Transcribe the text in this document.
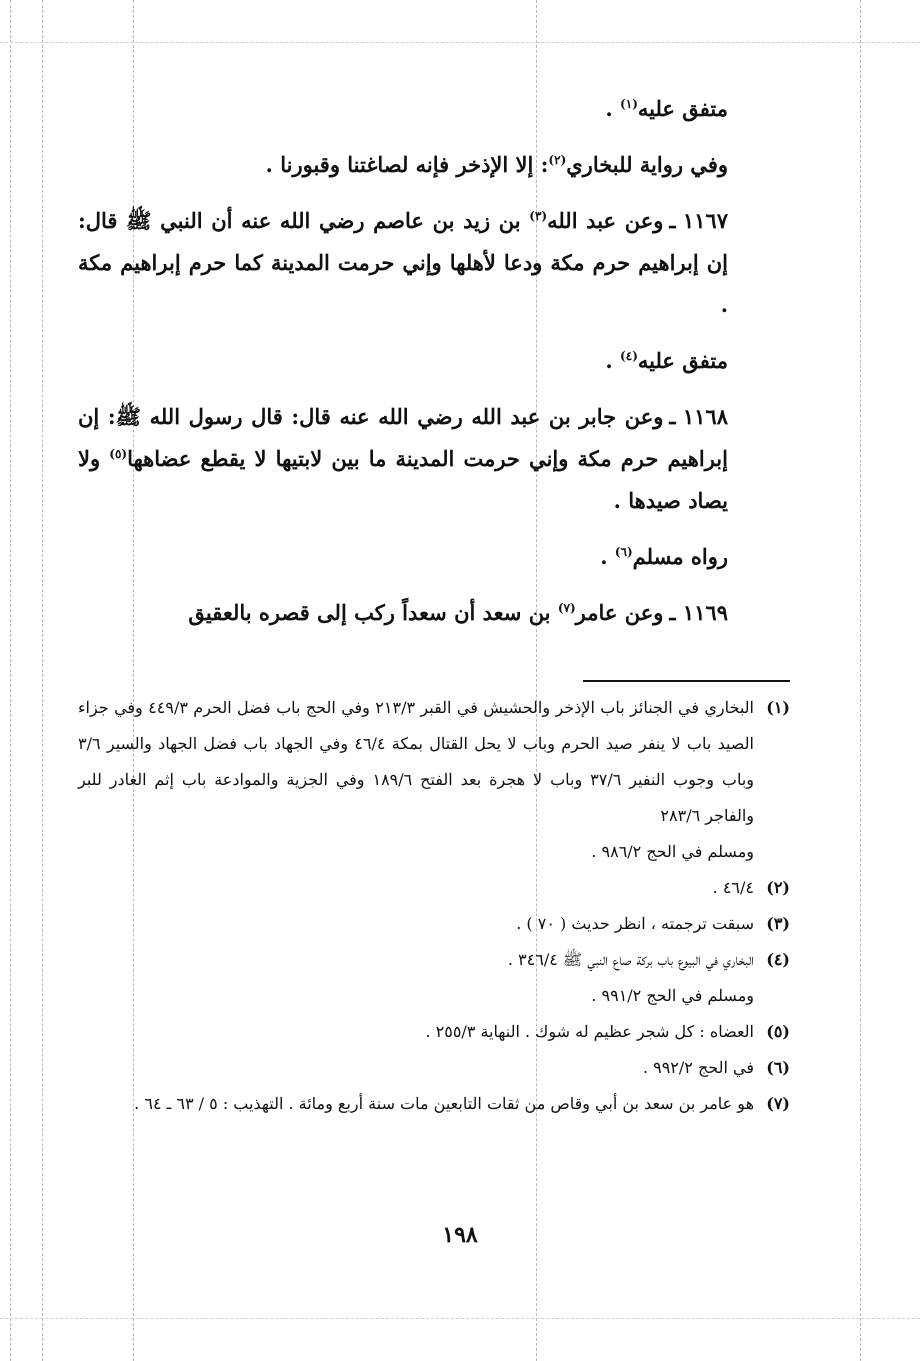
متفق عليه$^{(١)}$ .

وفي رواية للبخاري$^{(٢)}$: إلا الإذخر فإنه لصاغتنا وقبورنا .

١١٦٧ ـوعن عبد الله$^{(٣)}$ بن زيد بن عاصم رضي الله عنه أن النبي ﷺ قال: إن إبراهيم حرم مكة ودعا لأهلها وإني حرمت المدينة كما حرم إبراهيم مكة .

متفق عليه$^{(٤)}$ .

١١٦٨ ـوعن جابر بن عبد الله رضي الله عنه قال: قال رسول الله ﷺ: إن إبراهيم حرم مكة وإني حرمت المدينة ما بين لابتيها لا يقطع عضاهها$^{(٥)}$ ولا يصاد صيدها .

رواه مسلم$^{(٦)}$ .

١١٦٩ ـوعن عامر$^{(٧)}$ بن سعد أن سعداً ركب إلى قصره بالعقيق

(١)
البخاري في الجنائز باب الإذخر والحشيش في القبر ٢١٣/٣ وفي الحج باب فضل الحرم ٤٤٩/٣ وفي جزاء الصيد باب لا ينفر صيد الحرم وباب لا يحل القتال بمكة ٤٦/٤ وفي الجهاد باب فضل الجهاد والسير ٣/٦ وباب وجوب النفير ٣٧/٦ وباب لا هجرة بعد الفتح ١٨٩/٦ وفي الجزية والموادعة باب إثم الغادر للبر والفاجر ٢٨٣/٦

ومسلم في الحج ٩٨٦/٢ .

(٢)
٤٦/٤ .

(٣)
سبقت ترجمته ، انظر حديث ( ٧٠ ) .

(٤)
البخاري في البيوع باب بركة صاع النبي ﷺ ٣٤٦/٤ .

ومسلم في الحج ٩٩١/٢ .

(٥)
العضاه : كل شجر عظيم له شوك . النهاية ٢٥٥/٣ .

(٦)
في الحج ٩٩٢/٢ .

(٧)
هو عامر بن سعد بن أبي وقاص من ثقات التابعين مات سنة أربع ومائة . التهذيب : ٥ / ٦٣ ـ ٦٤ .

١٩٨
